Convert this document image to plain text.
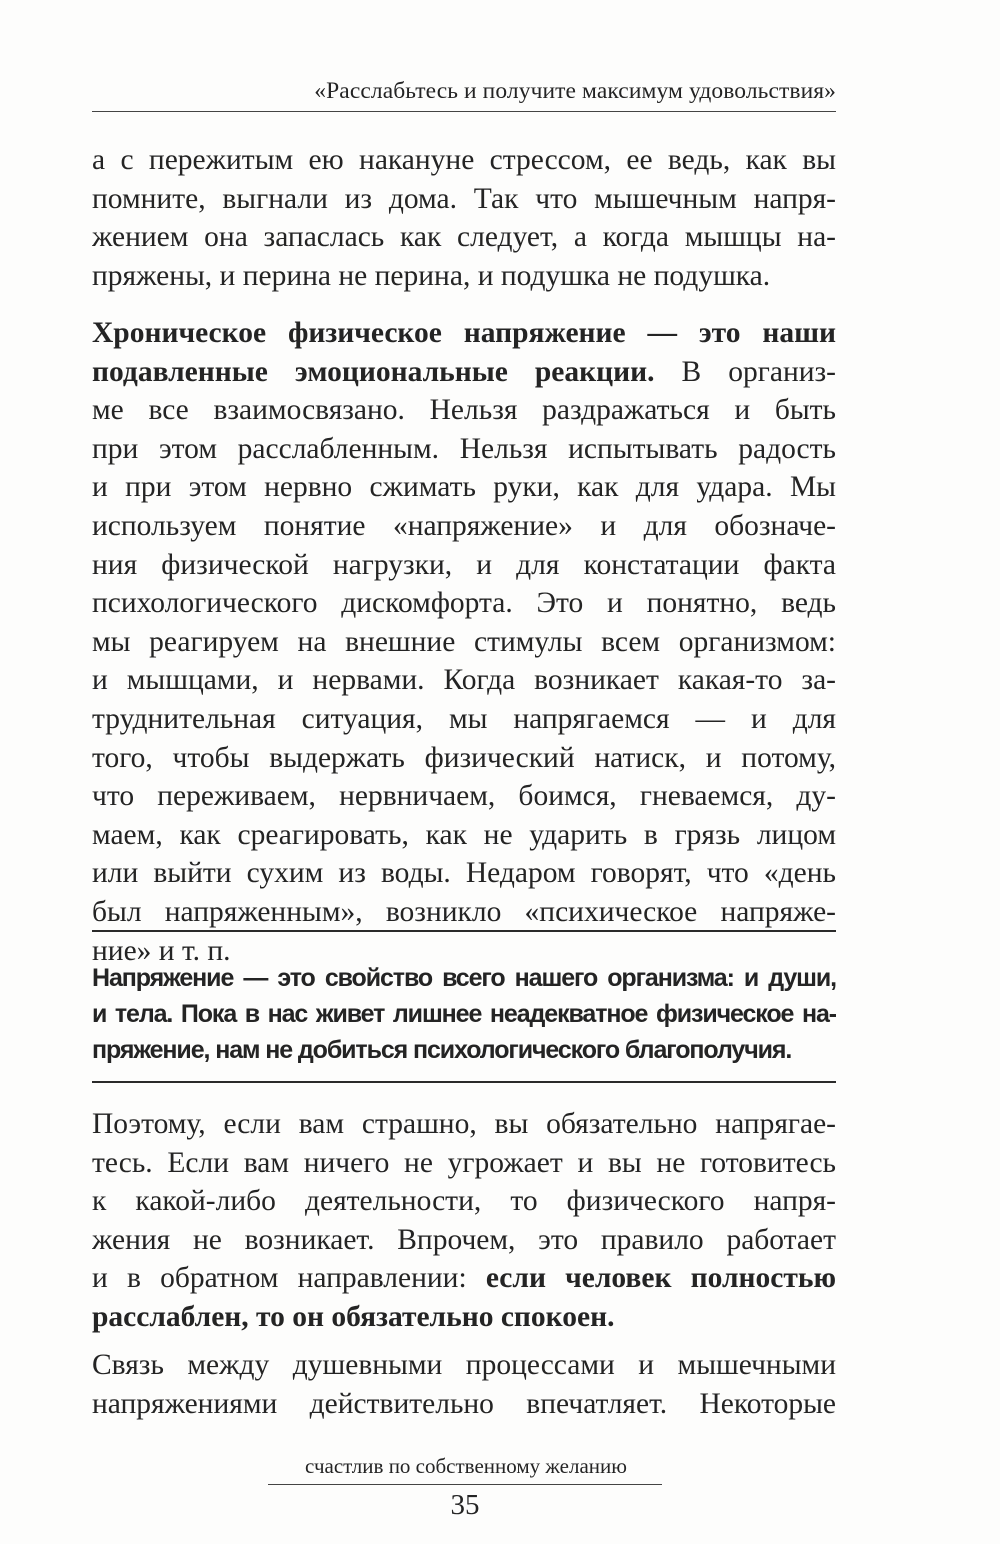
«Расслабьтесь и получите максимум удовольствия»
а с пережитым ею накануне стрессом, ее ведь, как вы
помните, выгнали из дома. Так что мышечным напря-
жением она запаслась как следует, а когда мышцы на-
пряжены, и перина не перина, и подушка не подушка.
Хроническое физическое напряжение — это наши
подавленные эмоциональные реакции. В организ-
ме все взаимосвязано. Нельзя раздражаться и быть
при этом расслабленным. Нельзя испытывать радость
и при этом нервно сжимать руки, как для удара. Мы
используем понятие «напряжение» и для обозначе-
ния физической нагрузки, и для констатации факта
психологического дискомфорта. Это и понятно, ведь
мы реагируем на внешние стимулы всем организмом:
и мышцами, и нервами. Когда возникает какая-то за-
труднительная ситуация, мы напрягаемся — и для
того, чтобы выдержать физический натиск, и потому,
что переживаем, нервничаем, боимся, гневаемся, ду-
маем, как среагировать, как не ударить в грязь лицом
или выйти сухим из воды. Недаром говорят, что «день
был напряженным», возникло «психическое напряже-
ние» и т. п.
Напряжение — это свойство всего нашего организма: и души,
и тела. Пока в нас живет лишнее неадекватное физическое на-
пряжение, нам не добиться психологического благополучия.
Поэтому, если вам страшно, вы обязательно напрягае-
тесь. Если вам ничего не угрожает и вы не готовитесь
к какой-либо деятельности, то физического напря-
жения не возникает. Впрочем, это правило работает
и в обратном направлении: если человек полностью
расслаблен, то он обязательно спокоен.
Связь между душевными процессами и мышечными
напряжениями действительно впечатляет. Некоторые
счастлив по собственному желанию
35
